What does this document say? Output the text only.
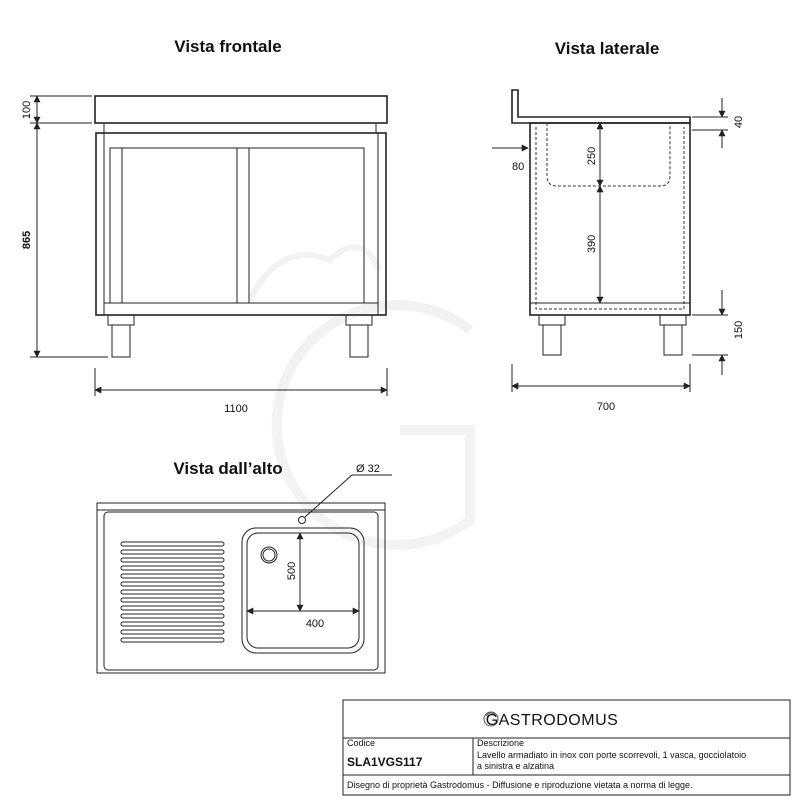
Vista frontale
100
865
1100
Vista laterale
250
390
80
40
150
700
Vista dall’alto
500
400
Ø 32
GASTRODOMUS
Codice
SLA1VGS117
Descrizione
Lavello armadiato in inox con porte scorrevoli, 1 vasca, gocciolatoio
a sinistra e alzatina
Disegno di proprietà Gastrodomus - Diffusione e riproduzione vietata a norma di legge.
